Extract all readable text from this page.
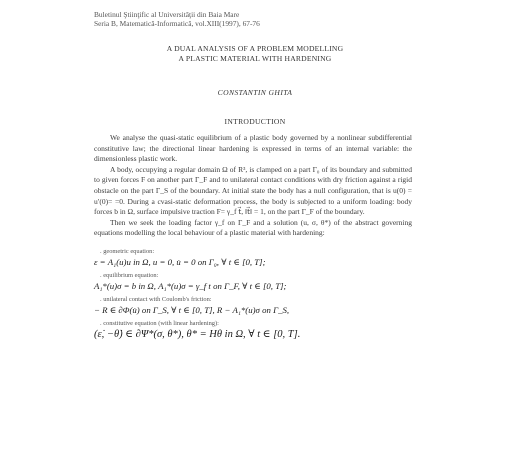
Buletinul Ştiinţific al Universităţii din Baia Mare
Seria B, Matematică-Informatică, vol.XIII(1997), 67-76
A DUAL ANALYSIS OF A PROBLEM MODELLING
A PLASTIC MATERIAL WITH HARDENING
CONSTANTIN GHITA
INTRODUCTION

We analyse the quasi-static equilibrium of a plastic body governed by a nonlinear subdifferential constitutive law; the directional linear hardening is expressed in terms of an internal variable: the dimensionless plastic work.

A body, occupying a regular domain Ω of R³, is clamped on a part Γ₀ of its boundary and submitted to given forces F on another part Γ_F and to unilateral contact conditions with dry friction against a rigid obstacle on the part Γ_S of the boundary. At initial state the body has a null configuration, that is u(0) = u′(0)= =0. During a cvasi-static deformation process, the body is subjected to a uniform loading: body forces b in Ω, surface impulsive traction F= γ_f t⃗, ‖t⃗‖ = 1, on the part Γ_F of the boundary.

Then we seek the loading factor γ_f on Γ_F and a solution (u, σ, θ*) of the abstract governing equations modelling the local behaviour of a plastic material with hardening:

. geometric equation:
ε = A₁(u)u in Ω, u = 0, u̇ = 0 on Γ₀, ∀ t ∈ [0, T];
. equilibrium equation:
A₁*(u)σ = b in Ω, A₁*(u)σ = γ_f t on Γ_F, ∀ t ∈ [0, T];
. unilateral contact with Coulomb's friction:
− R ∈ ∂Φ(u̇) on Γ_S, ∀ t ∈ [0, T], R − A₁*(u)σ on Γ_S,
. constitutive equation (with linear hardening):
(ε̇, −θ̇) ∈ ∂Ψ*(σ, θ*), θ* = Hθ in Ω, ∀ t ∈ [0, T].
